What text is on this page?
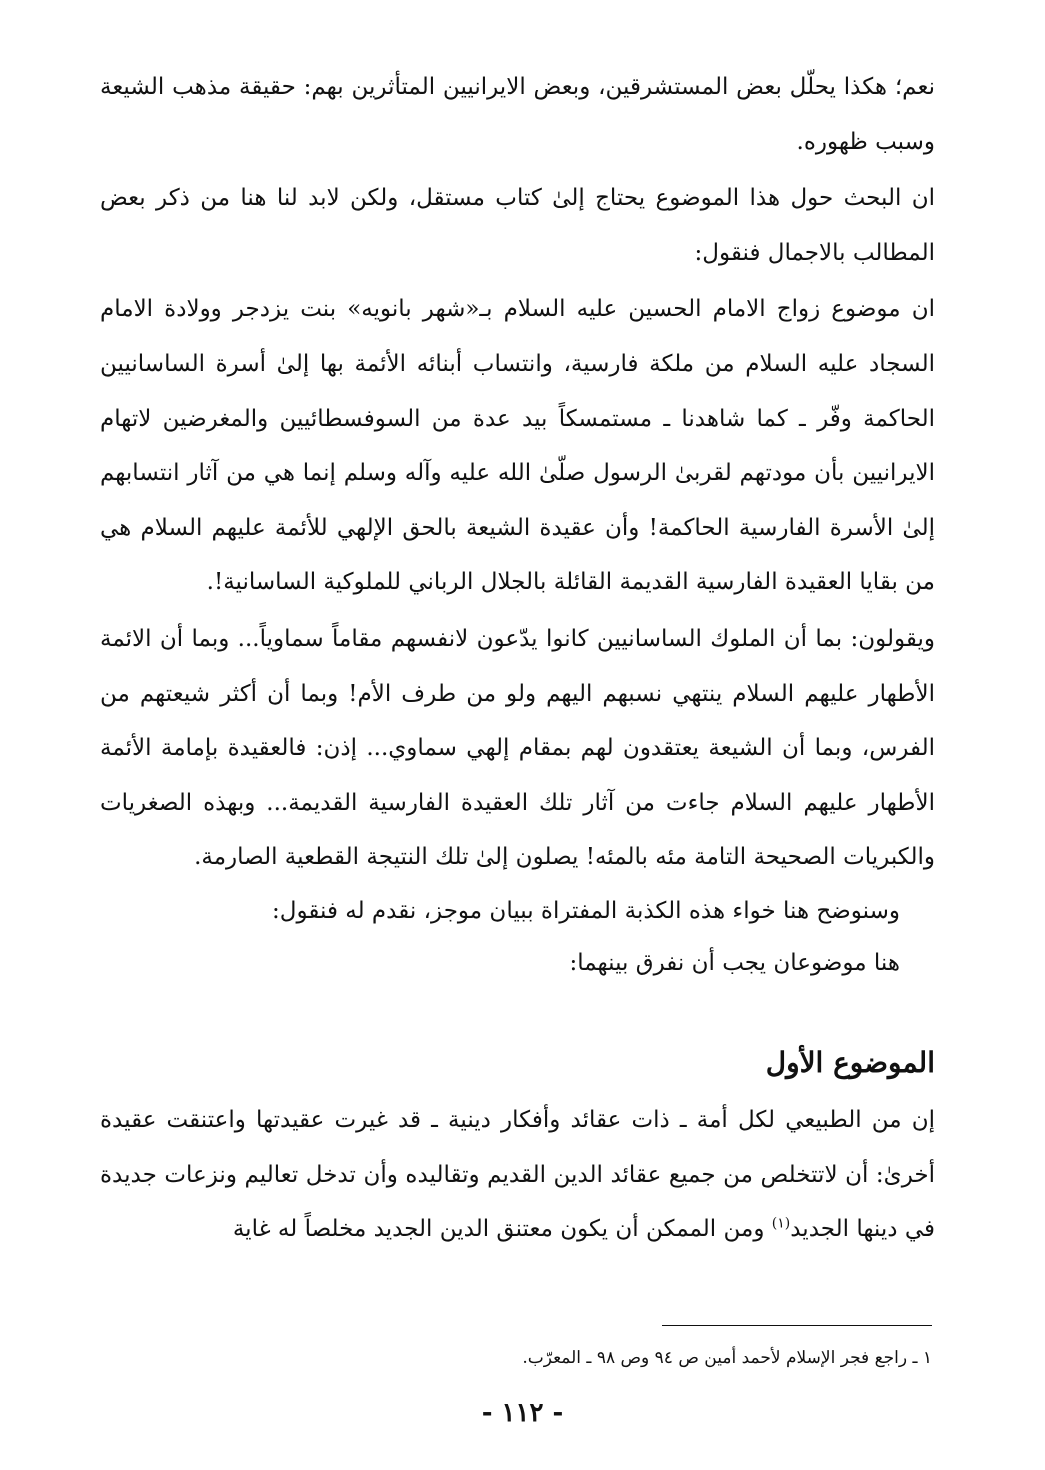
نعم؛ هكذا يحلّل بعض المستشرقين، وبعض الايرانيين المتأثرين بهم: حقيقة مذهب الشيعة وسبب ظهوره.

ان البحث حول هذا الموضوع يحتاج إلىٰ كتاب مستقل، ولكن لابد لنا هنا من ذكر بعض المطالب بالاجمال فنقول:

ان موضوع زواج الامام الحسين عليه السلام بـ«شهر بانويه» بنت يزدجر وولادة الامام السجاد عليه السلام من ملكة فارسية، وانتساب أبنائه الأئمة بها إلىٰ أسرة الساسانيين الحاكمة وفّر ـ كما شاهدنا ـ مستمسكاً بيد عدة من السوفسطائيين والمغرضين لاتهام الايرانيين بأن مودتهم لقربىٰ الرسول صلّىٰ الله عليه وآله وسلم إنما هي من آثار انتسابهم إلىٰ الأسرة الفارسية الحاكمة! وأن عقيدة الشيعة بالحق الإلهي للأئمة عليهم السلام هي من بقايا العقيدة الفارسية القديمة القائلة بالجلال الرباني للملوكية الساسانية!.

ويقولون: بما أن الملوك الساسانيين كانوا يدّعون لانفسهم مقاماً سماوياً... وبما أن الائمة الأطهار عليهم السلام ينتهي نسبهم اليهم ولو من طرف الأم! وبما أن أكثر شيعتهم من الفرس، وبما أن الشيعة يعتقدون لهم بمقام إلهي سماوي... إذن: فالعقيدة بإمامة الأئمة الأطهار عليهم السلام جاءت من آثار تلك العقيدة الفارسية القديمة... وبهذه الصغريات والكبريات الصحيحة التامة مئه بالمئه! يصلون إلىٰ تلك النتيجة القطعية الصارمة.

وسنوضح هنا خواء هذه الكذبة المفتراة ببيان موجز، نقدم له فنقول:

هنا موضوعان يجب أن نفرق بينهما:

الموضوع الأول

إن من الطبيعي لكل أمة ـ ذات عقائد وأفكار دينية ـ قد غيرت عقيدتها واعتنقت عقيدة أخرىٰ: أن لاتتخلص من جميع عقائد الدين القديم وتقاليده وأن تدخل تعاليم ونزعات جديدة في دينها الجديد$^{(١)}$ ومن الممكن أن يكون معتنق الدين الجديد مخلصاً له غاية

١ ـ راجع فجر الإسلام لأحمد أمين ص ٩٤ وص ٩٨ ـ المعرّب.
- ١١٢ -
